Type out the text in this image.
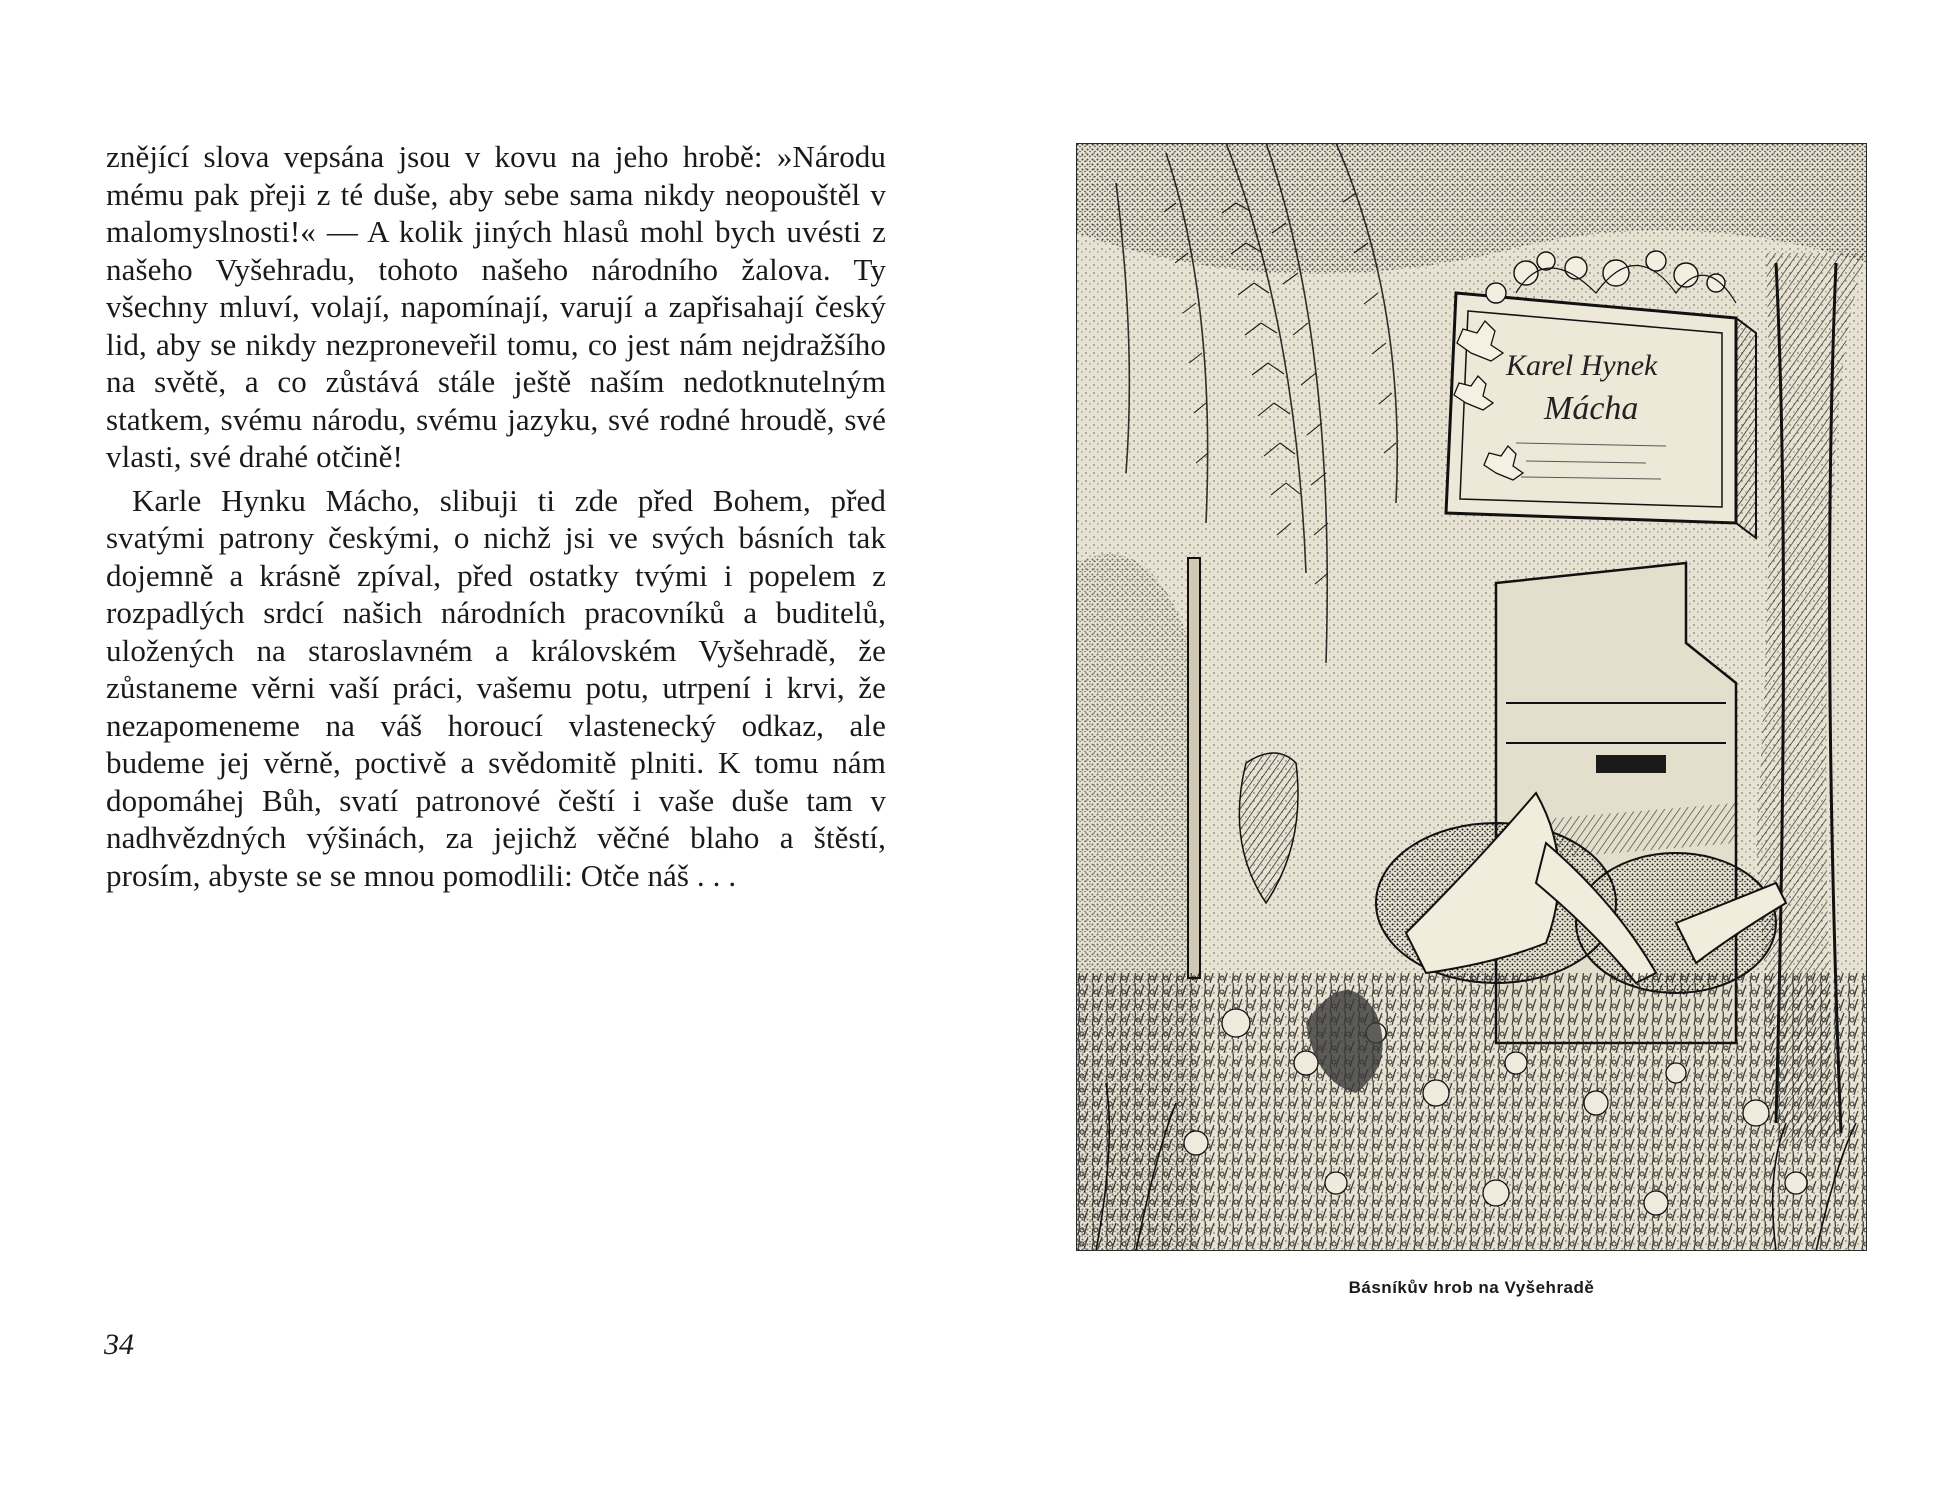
znějící slova vepsána jsou v kovu na jeho hrobě: »Národu mému pak přeji z té duše, aby sebe sama nikdy neopouštěl v malomyslnosti!« — A kolik jiných hlasů mohl bych uvésti z našeho Vyšehradu, tohoto našeho národního žalova. Ty všechny mluví, volají, napomínají, varují a zapřisahají český lid, aby se nikdy nezproneveřil tomu, co jest nám nejdražšího na světě, a co zůstává stále ještě naším nedotknutelným statkem, svému národu, svému jazyku, své rodné hroudě, své vlasti, své drahé otčině!

Karle Hynku Mácho, slibuji ti zde před Bohem, před svatými patrony českými, o nichž jsi ve svých básních tak dojemně a krásně zpíval, před ostatky tvými i popelem z rozpadlých srdcí našich národních pracovníků a buditelů, uložených na staroslavném a královském Vyšehradě, že zůstaneme věrni vaší práci, vašemu potu, utrpení i krvi, že nezapomeneme na váš horoucí vlastenecký odkaz, ale budeme jej věrně, poctivě a svědomitě plniti. K tomu nám dopomáhej Bůh, svatí patronové čeští i vaše duše tam v nadhvězdných výšinách, za jejichž věčné blaho a štěstí, prosím, abyste se se mnou pomodlili: Otče náš . . .

34
Karel Hynek
Mácha
Básníkův hrob na Vyšehradě
